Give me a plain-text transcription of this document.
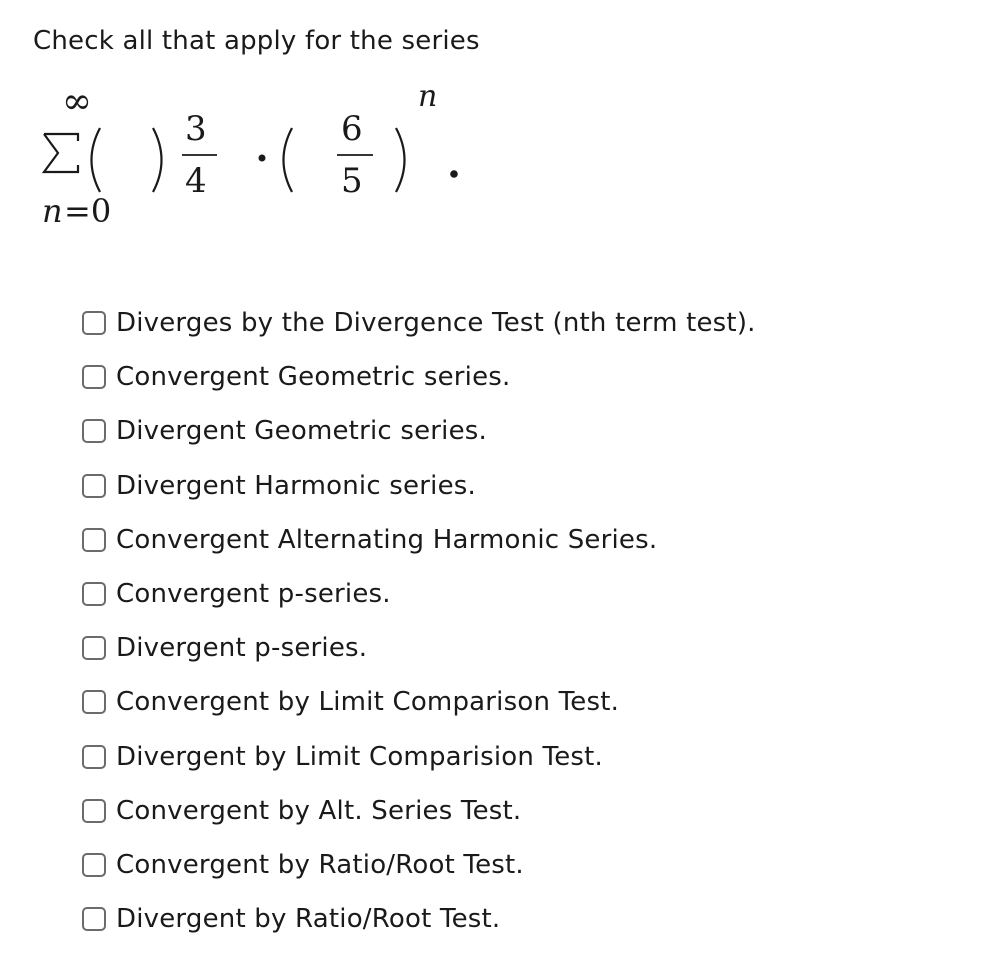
Check all that apply for the series
∞
n =0
3
4
6
5
n
Diverges by the Divergence Test (nth term test).
Convergent Geometric series.
Divergent Geometric series.
Divergent Harmonic series.
Convergent Alternating Harmonic Series.
Convergent p-series.
Divergent p-series.
Convergent by Limit Comparison Test.
Divergent by Limit Comparision Test.
Convergent by Alt. Series Test.
Convergent by Ratio/Root Test.
Divergent by Ratio/Root Test.
